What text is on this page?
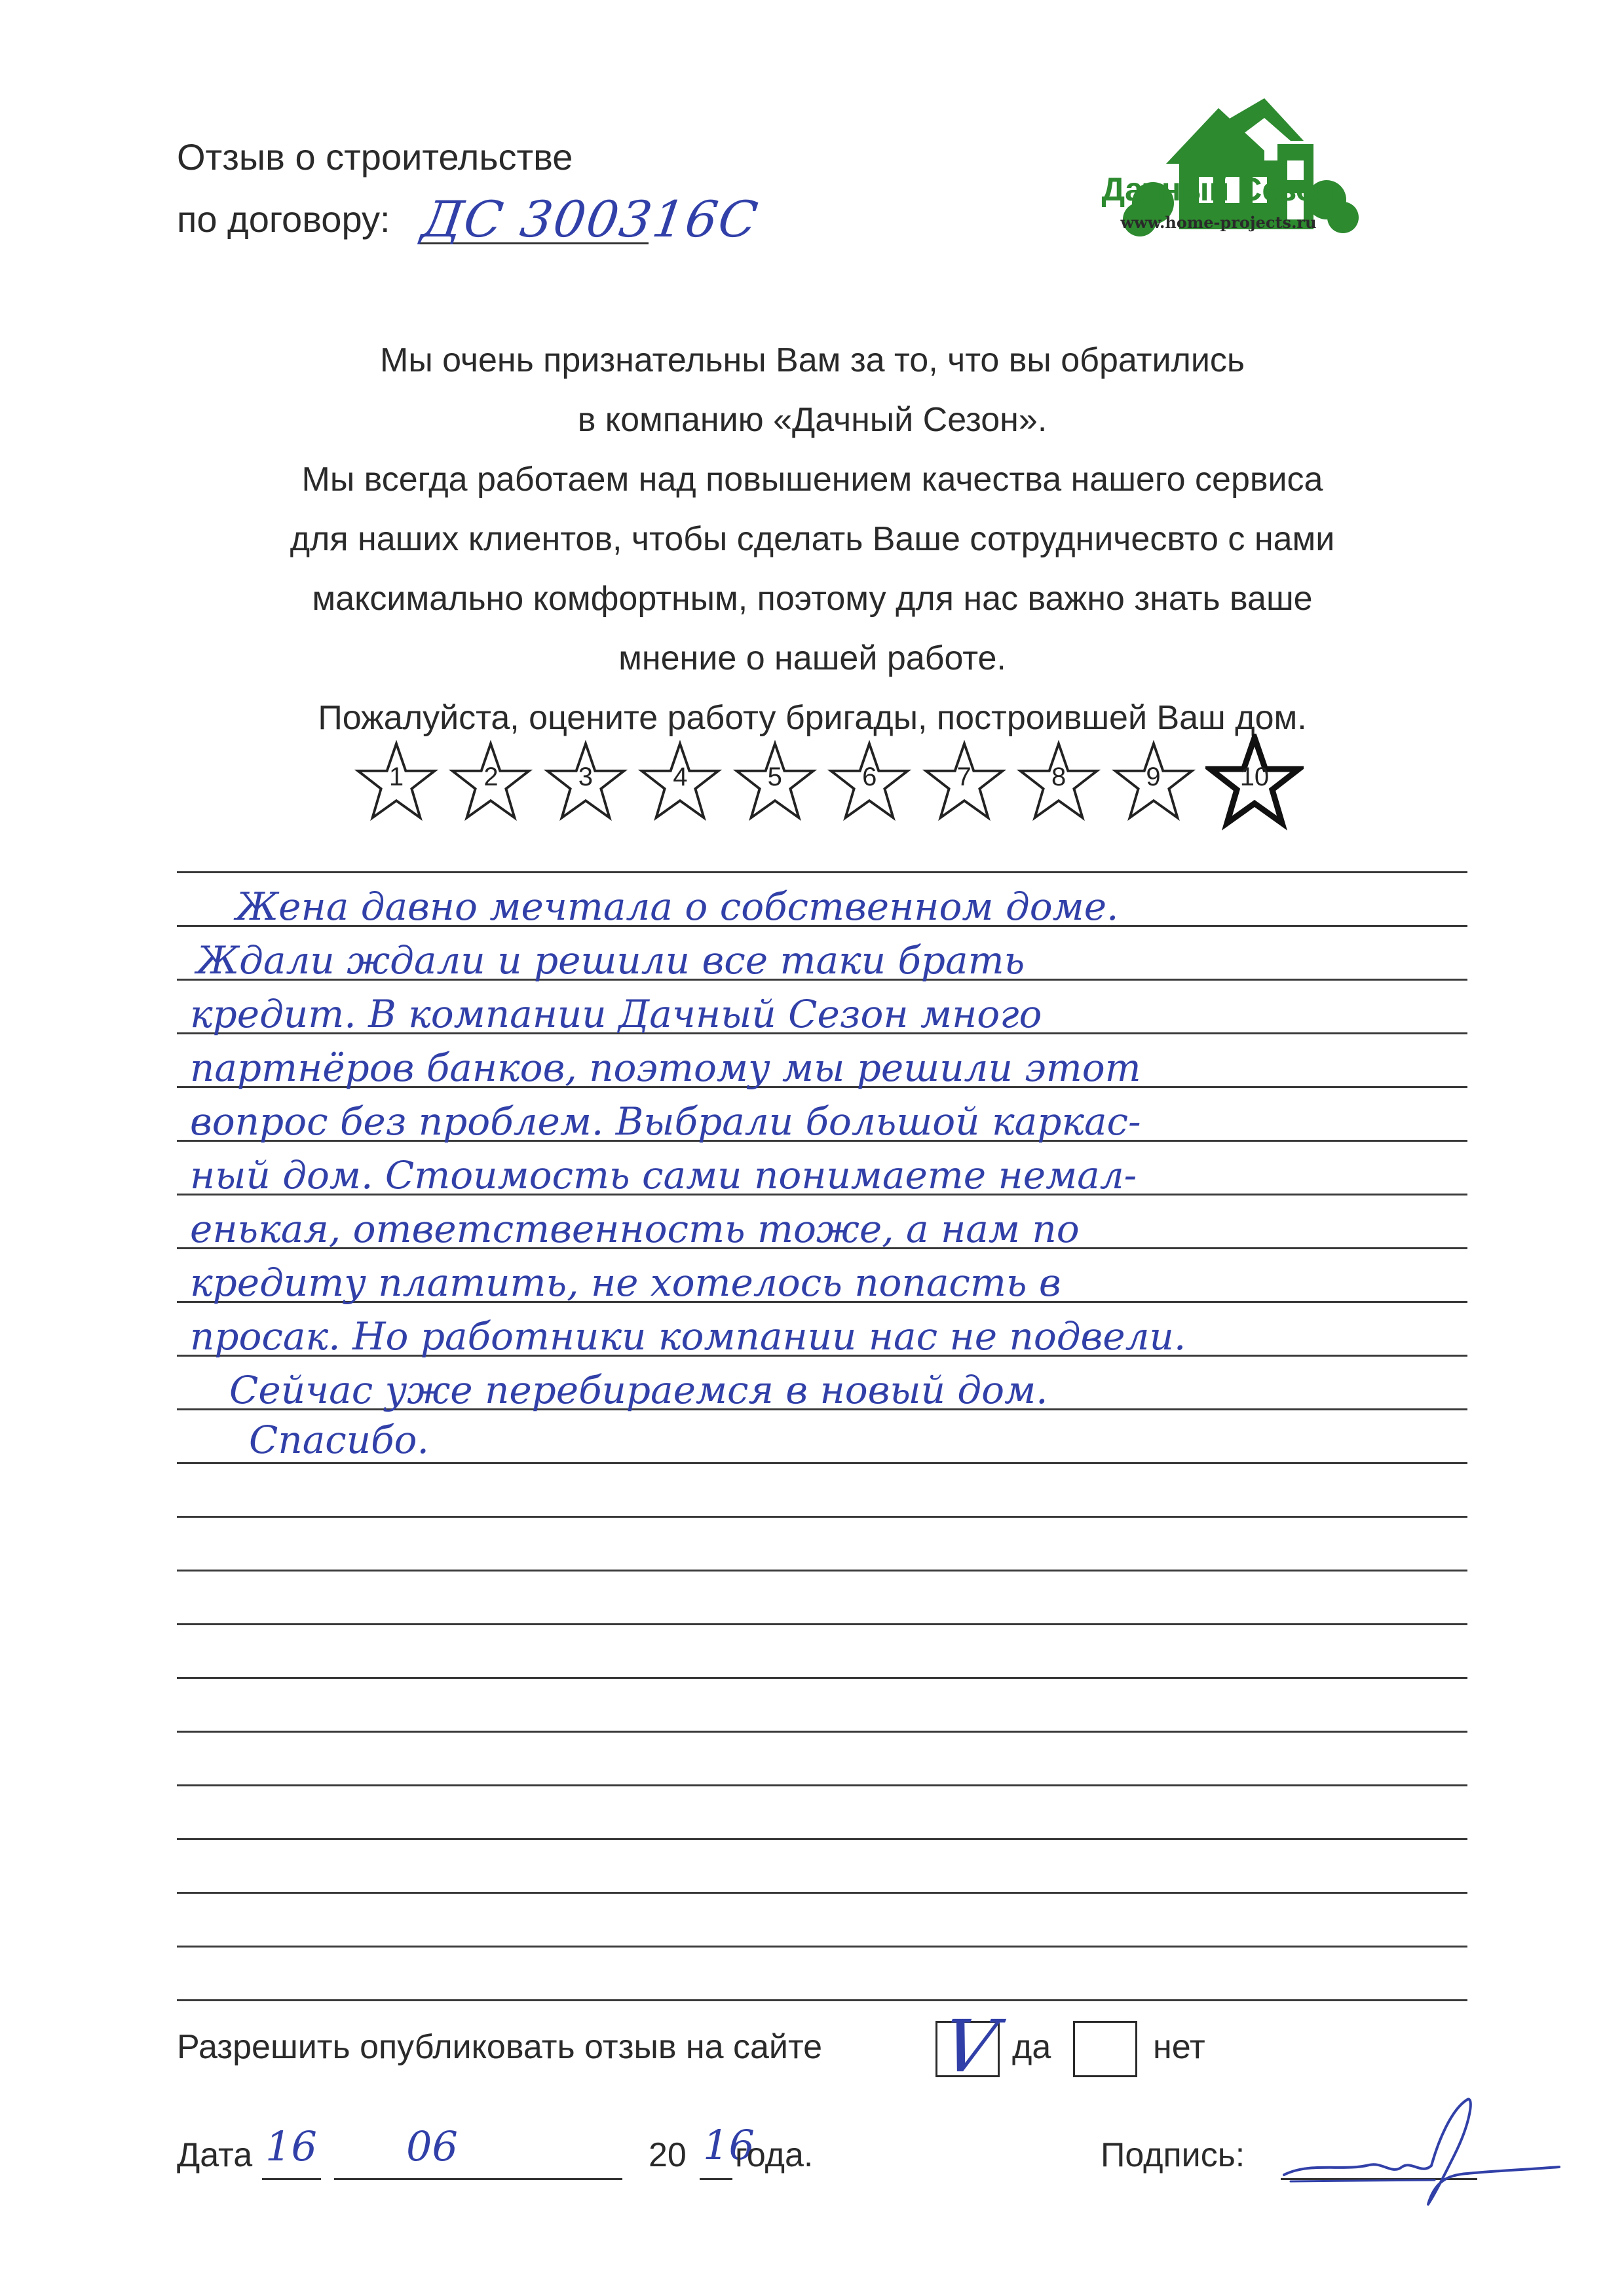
Отзыв о строительстве
по договору: ДС 300316С
Дачный Сезон
www.home-projects.ru
Мы очень признательны Вам за то, что вы обратились
в компанию «Дачный Сезон».
Мы всегда работаем над повышением качества нашего сервиса
для наших клиентов, чтобы сделать Ваше сотрудничесвто с нами
максимально комфортным, поэтому для нас важно знать ваше
мнение о нашей работе.
Пожалуйста, оцените работу бригады, построившей Ваш дом.
1	2	3	4	5	6	7	8	9	10
Жена давно мечтала о собственном доме.
Ждали ждали и решили все таки брать
кредит. В компании Дачный Сезон много
партнёров банков, поэтому мы решили этот
вопрос без проблем. Выбрали большой каркас-
ный дом. Стоимость сами понимаете немал-
енькая, ответственность тоже, а нам по
кредиту платить, не хотелось попасть в
просак. Но работники компании нас не подвели.
Сейчас уже перебираемся в новый дом.
Спасибо.
Разрешить опубликовать отзыв на сайте V да	нет
Дата 16 06	20 16
года.	Подпись:
